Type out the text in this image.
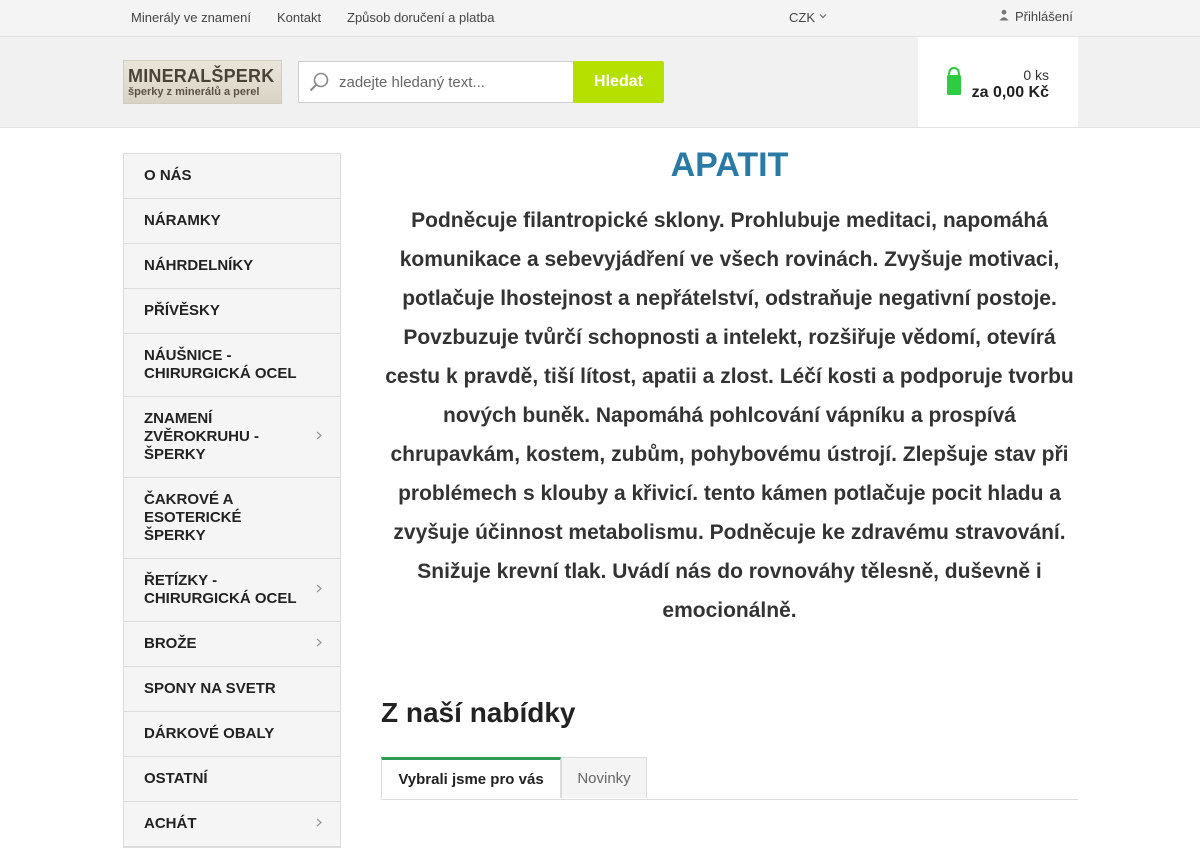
Minerály ve znamení Kontakt Způsob doručení a platba	CZK	Přihlášení
MINERALŠPERK
šperky z minerálů a perel
zadejte hledaný text...
Hledat	0 ks
za 0,00 Kč
O NÁS
NÁRAMKY
NÁHRDELNÍKY
PŘÍVĚSKY
NÁUŠNICE - CHIRURGICKÁ OCEL
ZNAMENÍ ZVĚROKRUHU - ŠPERKY
ČAKROVÉ A ESOTERICKÉ ŠPERKY
ŘETÍZKY - CHIRURGICKÁ OCEL
BROŽE
SPONY NA SVETR
DÁRKOVÉ OBALY
OSTATNÍ
ACHÁT
APATIT

Podněcuje filantropické sklony. Prohlubuje meditaci, napomáhá komunikace a sebevyjádření ve všech rovinách. Zvyšuje motivaci, potlačuje lhostejnost a nepřátelství, odstraňuje negativní postoje. Povzbuzuje tvůrčí schopnosti a intelekt, rozšiřuje vědomí, otevírá cestu k pravdě, tiší lítost, apatii a zlost. Léčí kosti a podporuje tvorbu nových buněk. Napomáhá pohlcování vápníku a prospívá chrupavkám, kostem, zubům, pohybovému ústrojí. Zlepšuje stav při problémech s klouby a křivicí. tento kámen potlačuje pocit hladu a zvyšuje účinnost metabolismu. Podněcuje ke zdravému stravování. Snižuje krevní tlak. Uvádí nás do rovnováhy tělesně, duševně i emocionálně.

Z naší nabídky
Vybrali jsme pro vás	Novinky
